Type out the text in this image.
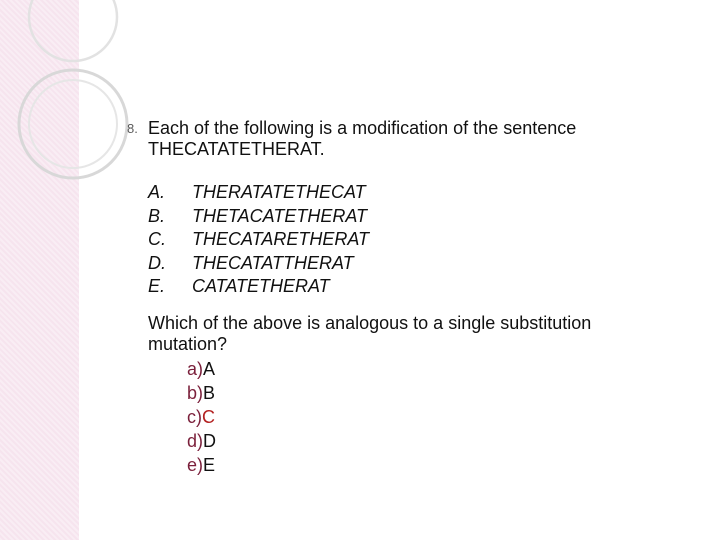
8. Each of the following is a modification of the sentence
THECATATETHERAT.
A.	THERATATETHECAT
B.	THETACATETHERAT
C.	THECATARETHERAT
D.	THECATATTHERAT
E.	CATATETHERAT
Which of the above is analogous to a single substitution
mutation?
a) A
b) B
c) C
d) D
e) E
